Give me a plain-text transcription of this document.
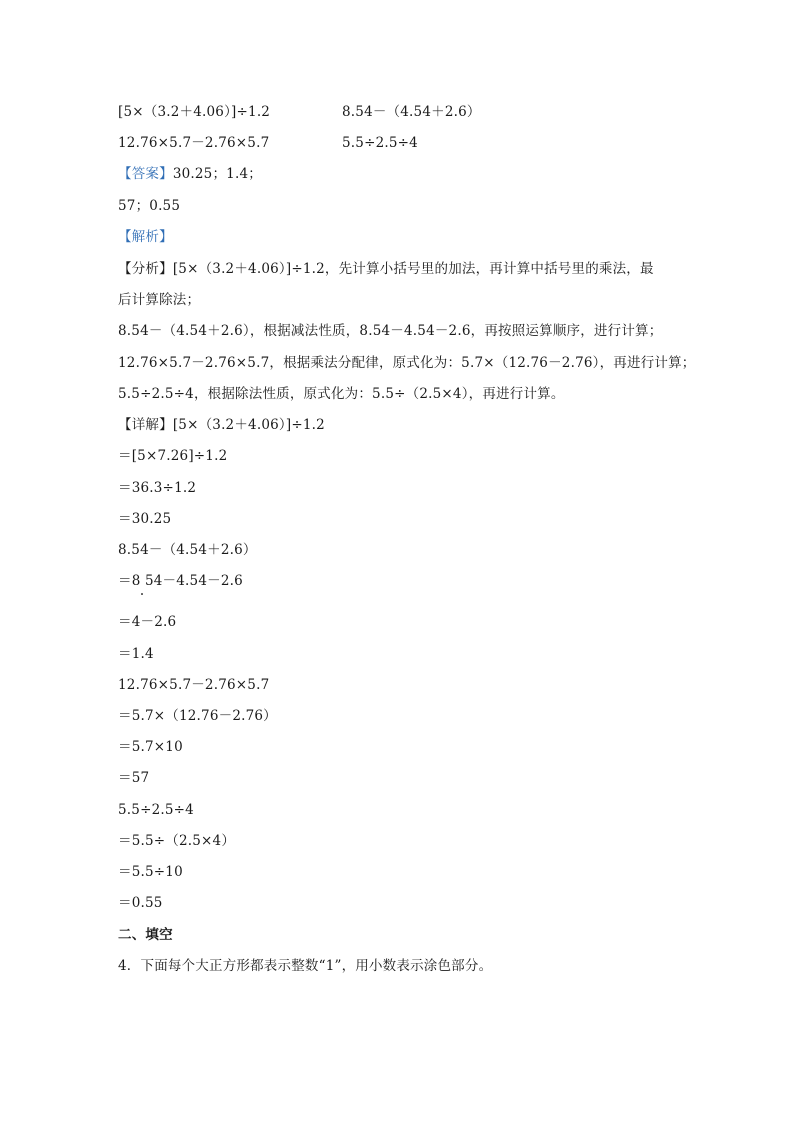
[5×（3.2＋4.06）]÷1.2	8.54－（4.54＋2.6）
12.76×5.7－2.76×5.7	5.5÷2.5÷4
【答案】30.25；1.4；
57；0.55
【解析】
【分析】[5×（3.2＋4.06）]÷1.2，先计算小括号里的加法，再计算中括号里的乘法，最
后计算除法；
8.54－（4.54＋2.6），根据减法性质，8.54－4.54－2.6，再按照运算顺序，进行计算；
12.76×5.7－2.76×5.7，根据乘法分配律，原式化为：5.7×（12.76－2.76），再进行计算；
5.5÷2.5÷4，根据除法性质，原式化为：5.5÷（2.5×4），再进行计算。
【详解】[5×（3.2＋4.06）]÷1.2
＝[5×7.26]÷1.2
＝36.3÷1.2
＝30.25
8.54－（4.54＋2.6）
＝8 54－4.54－2.6
＝4－2.6
＝1.4
12.76×5.7－2.76×5.7
＝5.7×（12.76－2.76）
＝5.7×10
＝57
5.5÷2.5÷4
＝5.5÷（2.5×4）
＝5.5÷10
＝0.55
二、填空
4．下面每个大正方形都表示整数“1”，用小数表示涂色部分。
